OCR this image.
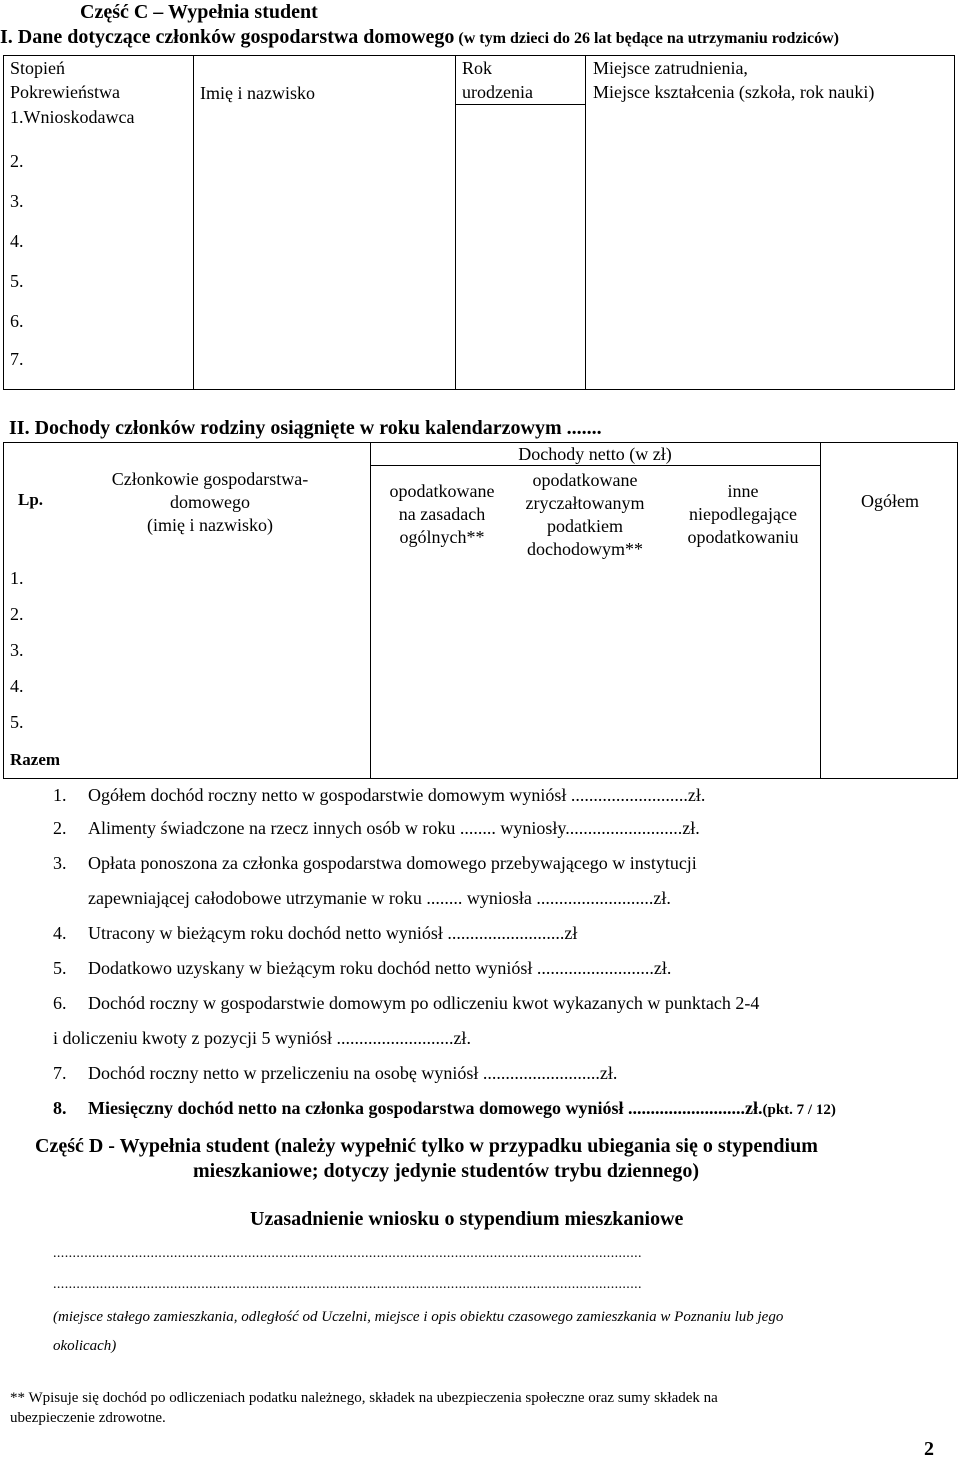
Część C – Wypełnia student
I. Dane dotyczące członków gospodarstwa domowego (w tym dzieci do 26 lat będące na utrzymaniu rodziców)
Stopień
Pokrewieństwa	Imię i nazwisko
Rok
urodzenia
Miejsce zatrudnienia,
Miejsce kształcenia (szkoła, rok nauki)
1.Wnioskodawca
2.
3.
4.
5.
6.
7.
II. Dochody członków rodziny osiągnięte w roku kalendarzowym .......
Lp.
Członkowie gospodarstwa-
domowego
(imię i nazwisko)
Dochody netto (w zł)
opodatkowane
na zasadach
ogólnych**
opodatkowane
zryczałtowanym
podatkiem
dochodowym**
inne
niepodlegające
opodatkowaniu
Ogółem
1.
2.
3.
4.
5.
Razem
1. Ogółem dochód roczny netto w gospodarstwie domowym wyniósł ..........................zł.
2. Alimenty świadczone na rzecz innych osób w roku ........ wyniosły..........................zł.
3. Opłata ponoszona za członka gospodarstwa domowego przebywającego w instytucji
zapewniającej całodobowe utrzymanie w roku ........ wyniosła ..........................zł.
4. Utracony w bieżącym roku dochód netto wyniósł ..........................zł
5. Dodatkowo uzyskany w bieżącym roku dochód netto wyniósł ..........................zł.
6. Dochód roczny w gospodarstwie domowym po odliczeniu kwot wykazanych w punktach 2-4
i doliczeniu kwoty z pozycji 5 wyniósł ..........................zł.
7. Dochód roczny netto w przeliczeniu na osobę wyniósł ..........................zł.
8. Miesięczny dochód netto na członka gospodarstwa domowego wyniósł ..........................zł.(pkt. 7 / 12)
Część D - Wypełnia student (należy wypełnić tylko w przypadku ubiegania się o stypendium
mieszkaniowe; dotyczy jedynie studentów trybu dziennego)
Uzasadnienie wniosku o stypendium mieszkaniowe
.......................................................................................................................................................
.......................................................................................................................................................
(miejsce stałego zamieszkania, odległość od Uczelni, miejsce i opis obiektu czasowego zamieszkania w Poznaniu lub jego
okolicach)
** Wpisuje się dochód po odliczeniach podatku należnego, składek na ubezpieczenia społeczne oraz sumy składek na
ubezpieczenie zdrowotne.
2
